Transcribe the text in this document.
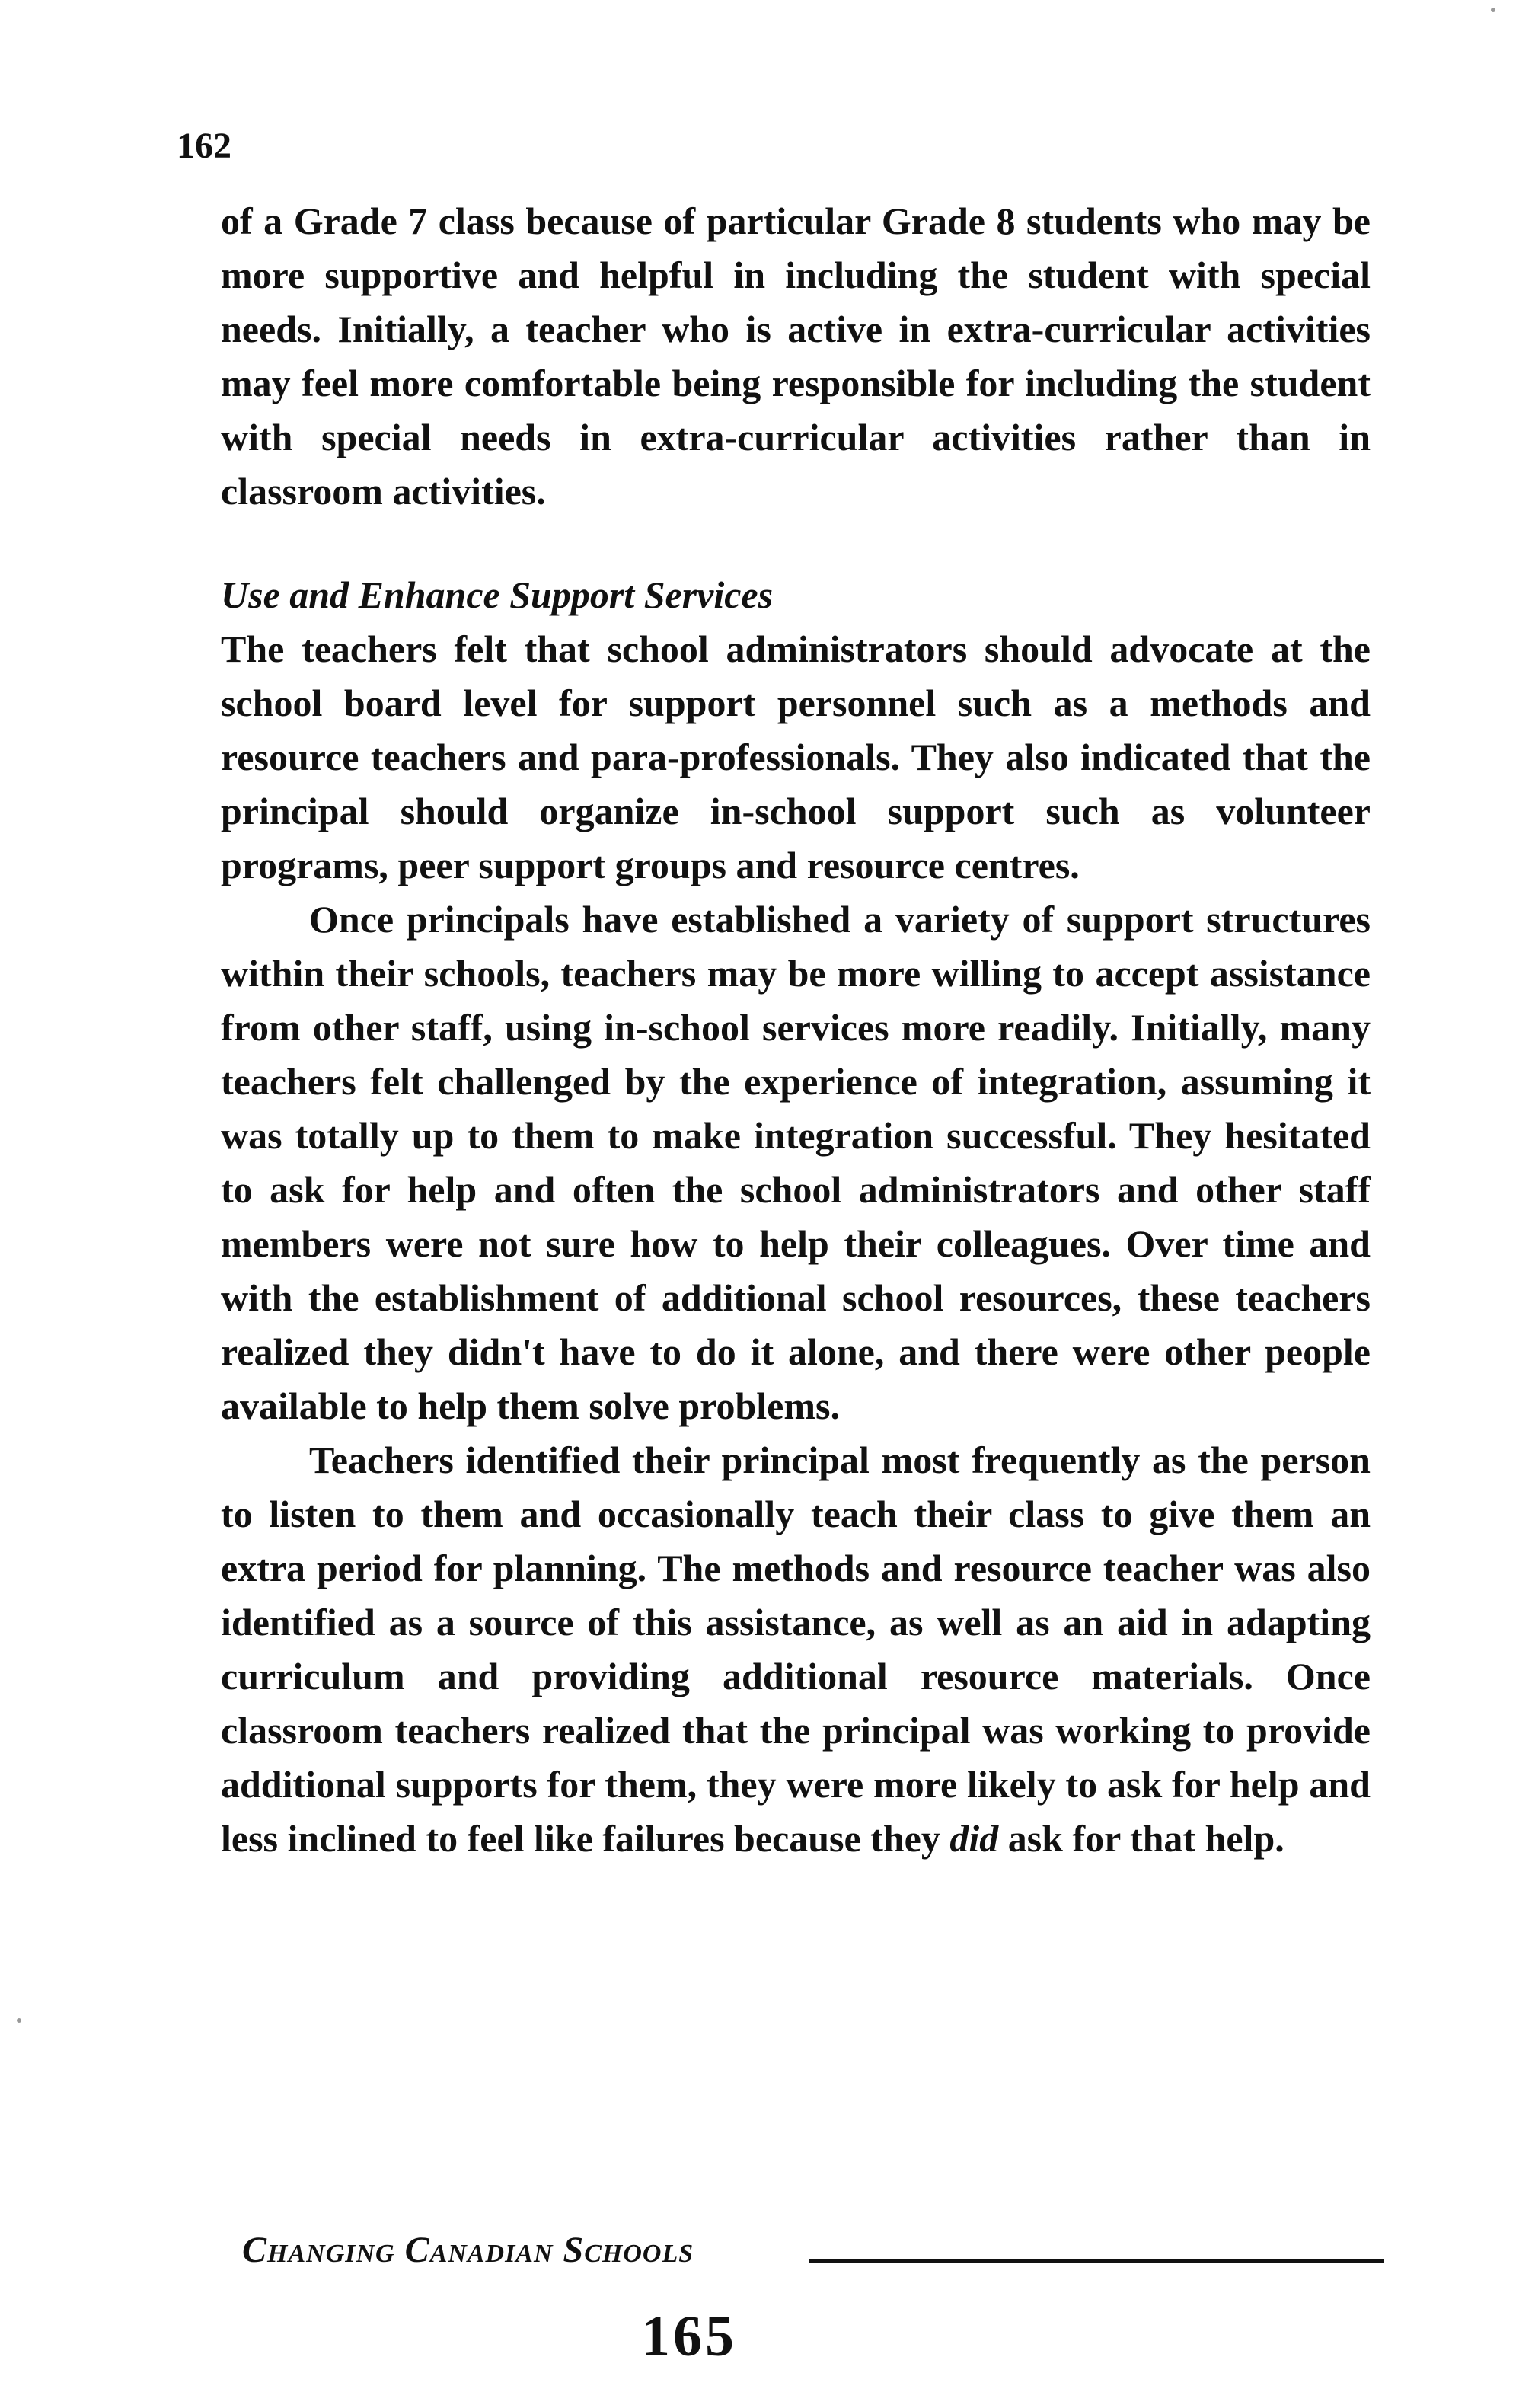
162

of a Grade 7 class because of particular Grade 8 students who may be more supportive and helpful in including the student with special needs. Initially, a teacher who is active in extra-curricular activities may feel more comfortable being responsible for including the student with special needs in extra-curricular activities rather than in classroom activities.

Use and Enhance Support Services

The teachers felt that school administrators should advocate at the school board level for support personnel such as a methods and resource teachers and para-professionals. They also indicated that the principal should organize in-school support such as volunteer programs, peer support groups and resource centres.

Once principals have established a variety of support structures within their schools, teachers may be more willing to accept assistance from other staff, using in-school services more readily. Initially, many teachers felt challenged by the experience of integration, assuming it was totally up to them to make integration successful. They hesitated to ask for help and often the school administrators and other staff members were not sure how to help their colleagues. Over time and with the establishment of additional school resources, these teachers realized they didn't have to do it alone, and there were other people available to help them solve problems.

Teachers identified their principal most frequently as the person to listen to them and occasionally teach their class to give them an extra period for planning. The methods and resource teacher was also identified as a source of this assistance, as well as an aid in adapting curriculum and providing additional resource materials. Once classroom teachers realized that the principal was working to provide additional supports for them, they were more likely to ask for help and less inclined to feel like failures because they did ask for that help.

Changing Canadian Schools
165
